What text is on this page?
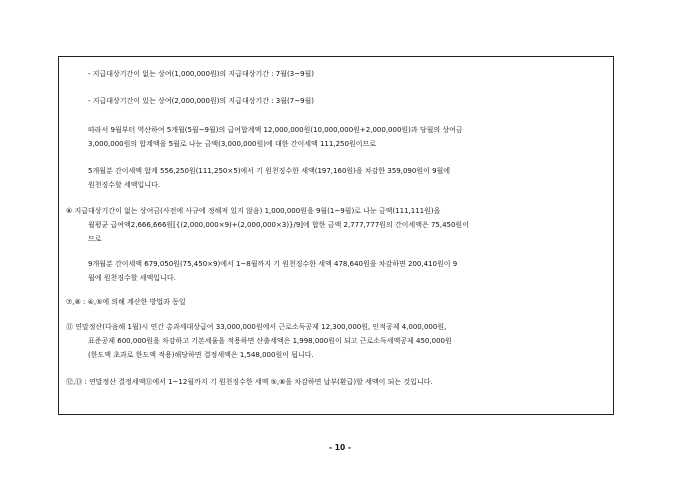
- 지급대상기간이 없는 상여(1,000,000원)의 지급대상기간 : 7월(3~9월)
- 지급대상기간이 있는 상여(2,000,000원)의 지급대상기간 : 3월(7~9월)
따라서 9월부터 역산하여 5개월(5월~9월)의 급여합계액 12,000,000원(10,000,000원+2,000,000원)과 당월의 상여금
3,000,000원의 합계액을 5월로 나눈 금액(3,000,000원)에 대한 간이세액 111,250원이므로
5개월분 간이세액 합계 556,250원(111,250×5)에서 기 원천징수한 세액(197,160원)을 차감한 359,090원이 9월에
원천징수할 세액입니다.
⑥ 지급대상기간이 없는 상여금(사전에 사규에 정해져 있지 않음) 1,000,000원을 9월(1~9월)로 나눈 금액(111,111원)을
월평균 급여액2,666,666원[{(2,000,000×9)+(2,000,000×3)}/9]에 합한 금액 2,777,777원의 간이세액은 75,450원이
므로
9개월분 간이세액 679,050원(75,450×9)에서 1~8월까지 기 원천징수한 세액 478,640원을 차감하면 200,410원이 9
월에 원천징수할 세액입니다.
⑦,⑧ : ④,⑤에 의해 계산한 방법과 동일
⑪ 연말정산(다음해 1월)시 연간 총과세대상급여 33,000,000원에서 근로소득공제 12,300,000원, 인적공제 4,000,000원,
표준공제 600,000원을 차감하고 기본세율을 적용하면 산출세액은 1,998,000원이 되고 근로소득세액공제 450,000원
(한도액 초과로 한도액 적용)해당하면 결정세액은 1,548,000원이 됩니다.
⑫,⑬ : 연말정산 결정세액⑪에서 1~12월까지 기 원천징수한 세액 ⑤,⑧을 차감하면 납부(환급)할 세액이 되는 것입니다.
- 10 -
